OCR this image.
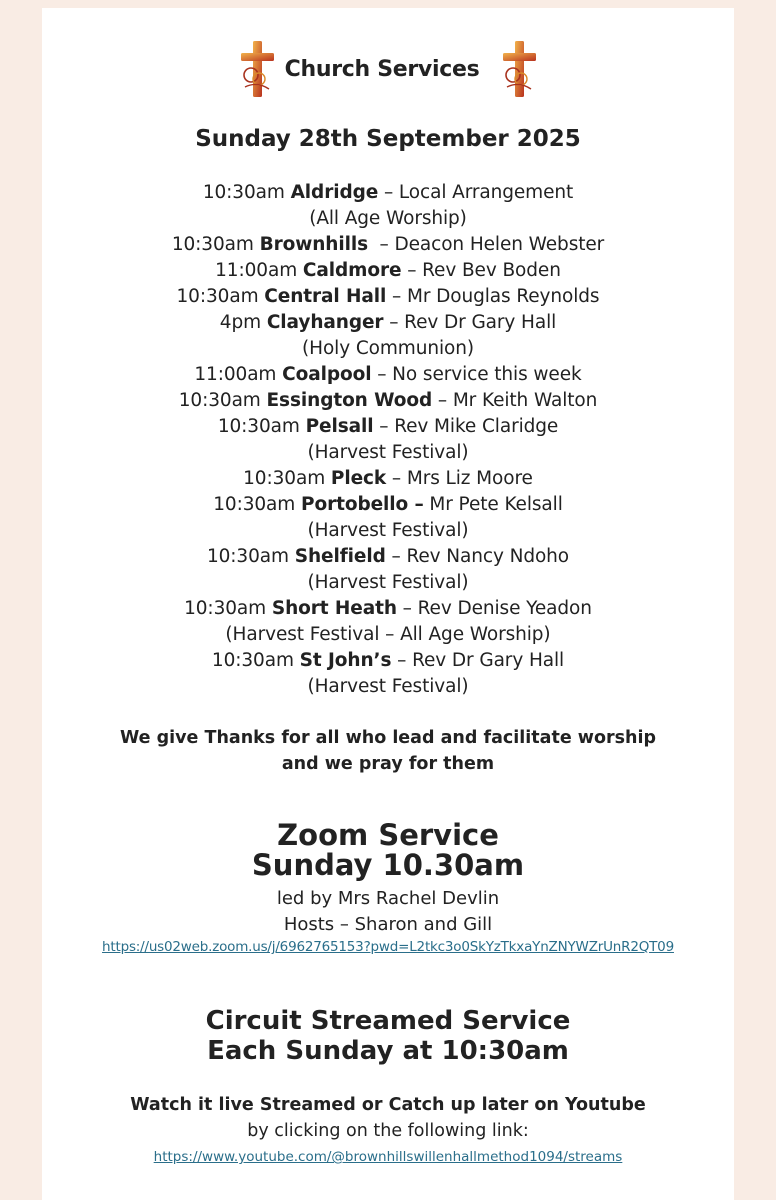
Church Services
Sunday 28th September 2025
10:30am Aldridge – Local Arrangement
(All Age Worship)
10:30am Brownhills  – Deacon Helen Webster
11:00am Caldmore – Rev Bev Boden
10:30am Central Hall – Mr Douglas Reynolds
4pm Clayhanger – Rev Dr Gary Hall
(Holy Communion)
11:00am Coalpool – No service this week
10:30am Essington Wood – Mr Keith Walton
10:30am Pelsall – Rev Mike Claridge
(Harvest Festival)
10:30am Pleck – Mrs Liz Moore
10:30am Portobello – Mr Pete Kelsall
(Harvest Festival)
10:30am Shelfield – Rev Nancy Ndoho
(Harvest Festival)
10:30am Short Heath – Rev Denise Yeadon
(Harvest Festival – All Age Worship)
10:30am St John’s – Rev Dr Gary Hall
(Harvest Festival)
We give Thanks for all who lead and facilitate worship
and we pray for them
Zoom Service
Sunday 10.30am
led by Mrs Rachel Devlin
Hosts – Sharon and Gill
https://us02web.zoom.us/j/6962765153?pwd=L2tkc3o0SkYzTkxaYnZNYWZrUnR2QT09
Circuit Streamed Service
Each Sunday at 10:30am
Watch it live Streamed or Catch up later on Youtube
by clicking on the following link:
https://www.youtube.com/@brownhillswillenhallmethod1094/streams
